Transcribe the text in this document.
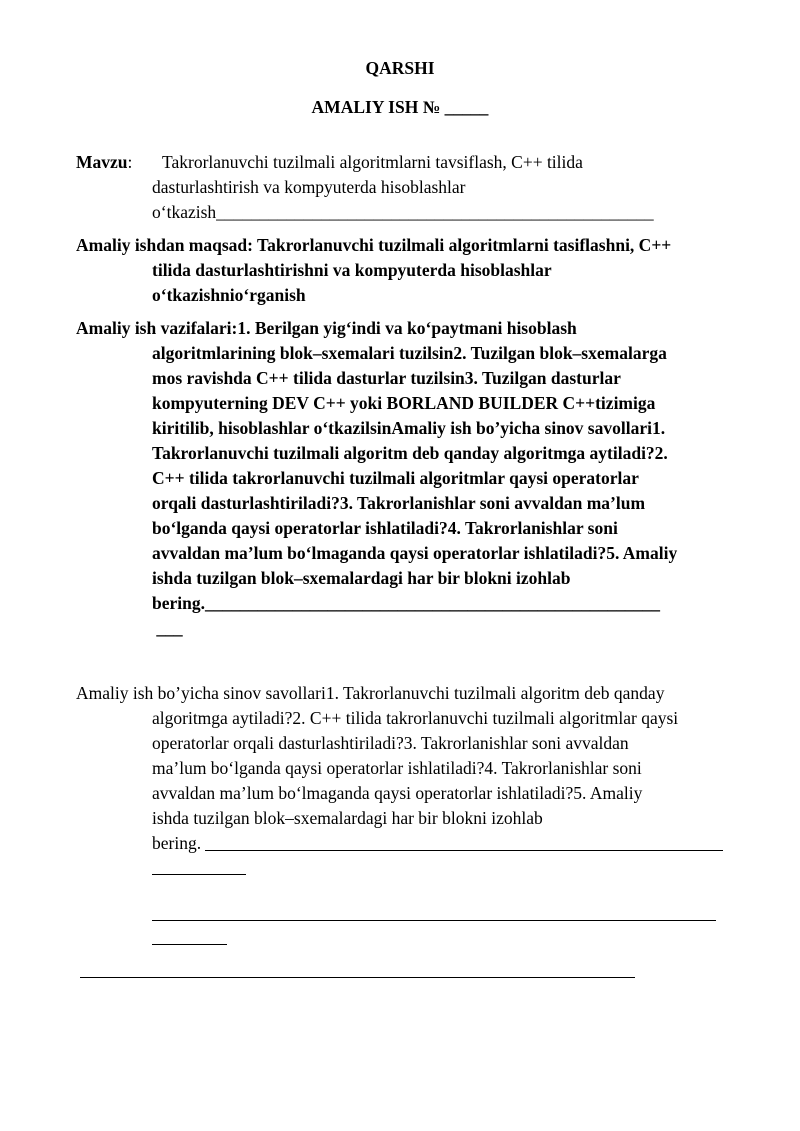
QARSHI
AMALIY ISH № _____
Mavzu: Takrorlanuvchi tuzilmali algoritmlarni tavsiflash, C++ tilida
dasturlashtirish va kompyuterda hisoblashlar
o‘tkazish__________________________________________________
Amaliy ishdan maqsad: Takrorlanuvchi tuzilmali algoritmlarni tasiflashni, C++
tilida dasturlashtirishni va kompyuterda hisoblashlar
o‘tkazishnio‘rganish
Amaliy ish vazifalari:1. Berilgan yig‘indi va ko‘paytmani hisoblash
algoritmlarining blok–sxemalari tuzilsin2. Tuzilgan blok–sxemalarga
mos ravishda C++ tilida dasturlar tuzilsin3. Tuzilgan dasturlar
kompyuterning DEV C++ yoki BORLAND BUILDER C++tizimiga
kiritilib, hisoblashlar o‘tkazilsinAmaliy ish bo’yicha sinov savollari1.
Takrorlanuvchi tuzilmali algoritm deb qanday algoritmga aytiladi?2.
C++ tilida takrorlanuvchi tuzilmali algoritmlar qaysi operatorlar
orqali dasturlashtiriladi?3. Takrorlanishlar soni avvaldan ma’lum
bo‘lganda qaysi operatorlar ishlatiladi?4. Takrorlanishlar soni
avvaldan ma’lum bo‘lmaganda qaysi operatorlar ishlatiladi?5. Amaliy
ishda tuzilgan blok–sxemalardagi har bir blokni izohlab
bering.____________________________________________________
___
Amaliy ish bo’yicha sinov savollari1. Takrorlanuvchi tuzilmali algoritm deb qanday
algoritmga aytiladi?2. C++ tilida takrorlanuvchi tuzilmali algoritmlar qaysi
operatorlar orqali dasturlashtiriladi?3. Takrorlanishlar soni avvaldan
ma’lum bo‘lganda qaysi operatorlar ishlatiladi?4. Takrorlanishlar soni
avvaldan ma’lum bo‘lmaganda qaysi operatorlar ishlatiladi?5. Amaliy
ishda tuzilgan blok–sxemalardagi har bir blokni izohlab
bering.
